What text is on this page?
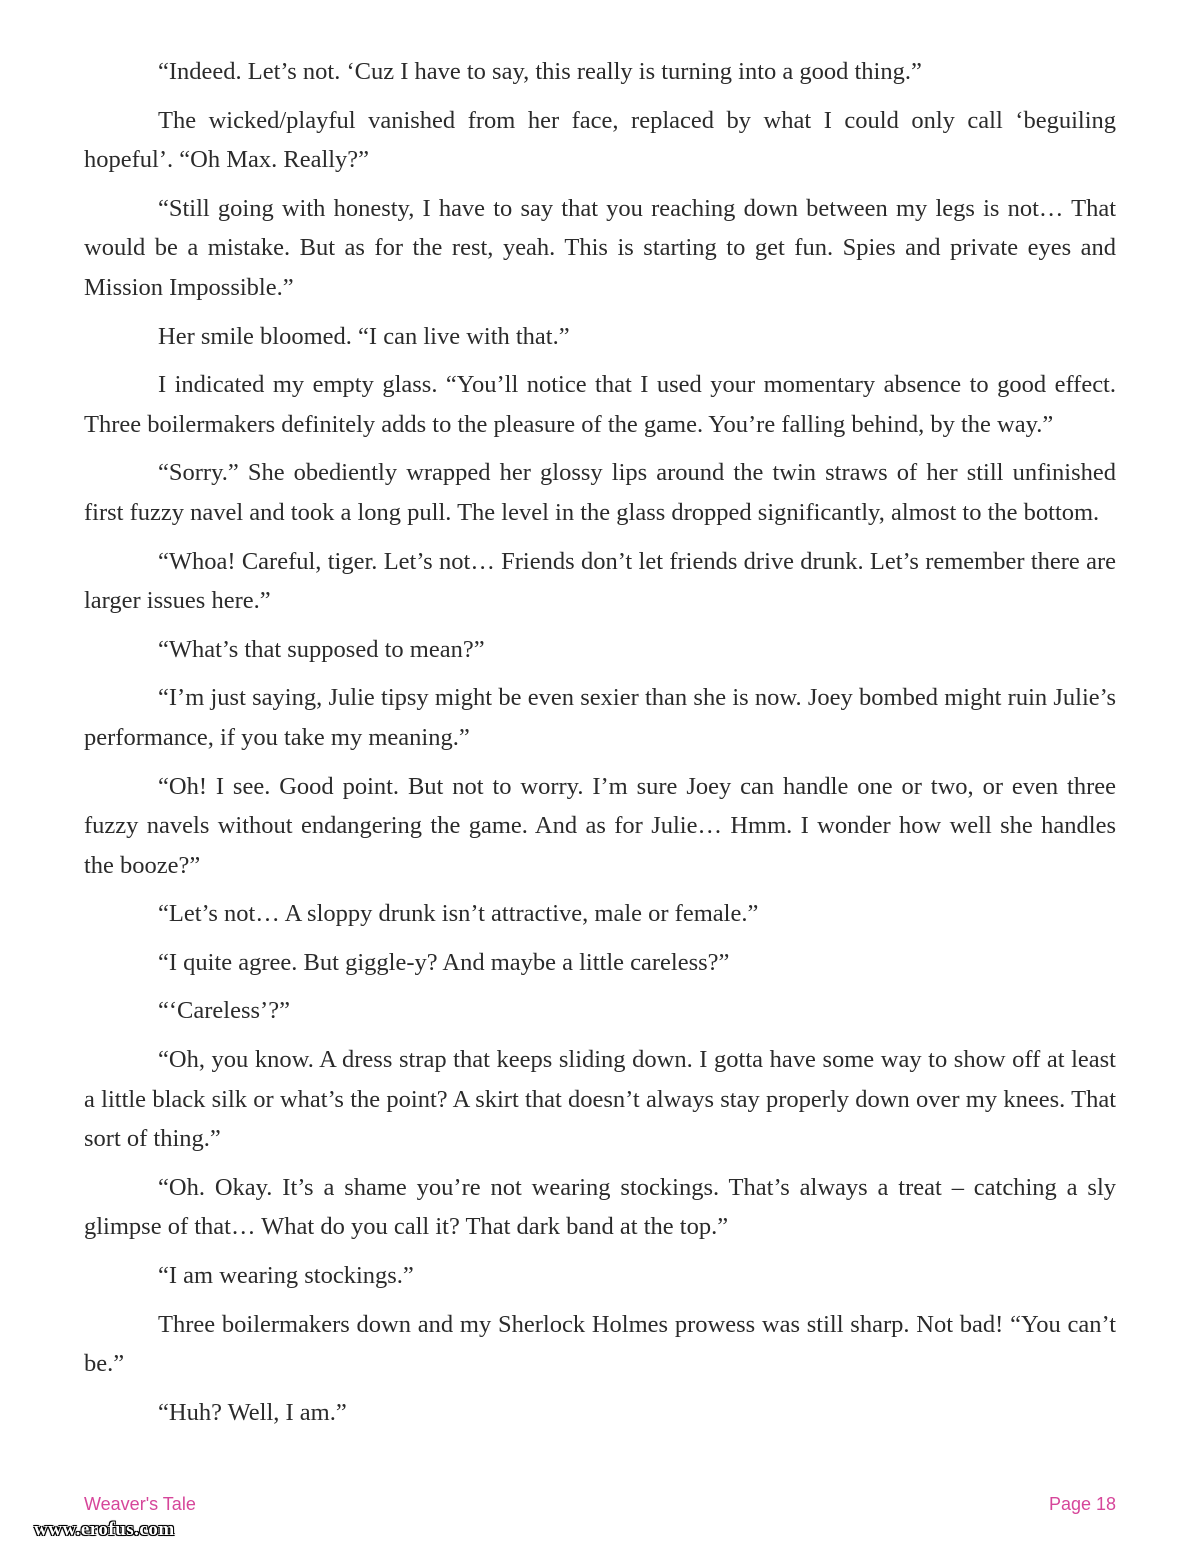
“Indeed. Let’s not. ‘Cuz I have to say, this really is turning into a good thing.”

The wicked/playful vanished from her face, replaced by what I could only call ‘beguiling hopeful’. “Oh Max. Really?”

“Still going with honesty, I have to say that you reaching down between my legs is not… That would be a mistake. But as for the rest, yeah. This is starting to get fun. Spies and private eyes and Mission Impossible.”

Her smile bloomed. “I can live with that.”

I indicated my empty glass. “You’ll notice that I used your momentary absence to good effect. Three boilermakers definitely adds to the pleasure of the game. You’re falling behind, by the way.”

“Sorry.” She obediently wrapped her glossy lips around the twin straws of her still unfinished first fuzzy navel and took a long pull. The level in the glass dropped significantly, almost to the bottom.

“Whoa! Careful, tiger. Let’s not… Friends don’t let friends drive drunk. Let’s remember there are larger issues here.”

“What’s that supposed to mean?”

“I’m just saying, Julie tipsy might be even sexier than she is now. Joey bombed might ruin Julie’s performance, if you take my meaning.”

“Oh! I see. Good point. But not to worry. I’m sure Joey can handle one or two, or even three fuzzy navels without endangering the game. And as for Julie… Hmm. I wonder how well she handles the booze?”

“Let’s not… A sloppy drunk isn’t attractive, male or female.”

“I quite agree. But giggle-y? And maybe a little careless?”

“‘Careless’?”

“Oh, you know. A dress strap that keeps sliding down. I gotta have some way to show off at least a little black silk or what’s the point? A skirt that doesn’t always stay properly down over my knees. That sort of thing.”

“Oh. Okay. It’s a shame you’re not wearing stockings. That’s always a treat – catching a sly glimpse of that… What do you call it? That dark band at the top.”

“I am wearing stockings.”

Three boilermakers down and my Sherlock Holmes prowess was still sharp. Not bad! “You can’t be.”

“Huh? Well, I am.”

Weaver's Tale	Page 18
www.erofus.com
